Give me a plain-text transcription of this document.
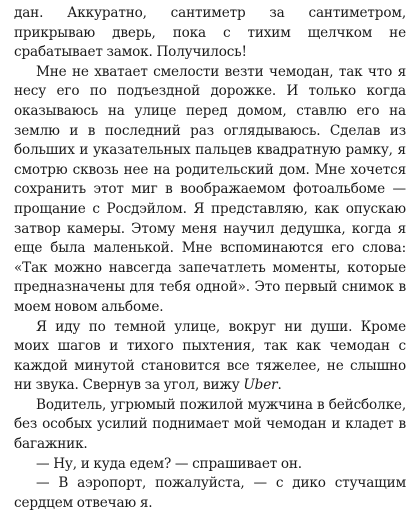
дан. Аккуратно, сантиметр за сантиметром, прикрываю дверь, пока с тихим щелчком не срабатывает замок. Получилось!

Мне не хватает смелости везти чемодан, так что я несу его по подъездной дорожке. И только когда оказываюсь на улице перед домом, ставлю его на землю и в последний раз оглядываюсь. Сделав из больших и указательных пальцев квадратную рамку, я смотрю сквозь нее на родительский дом. Мне хочется сохранить этот миг в воображаемом фотоальбоме — прощание с Росдэйлом. Я представляю, как опускаю затвор камеры. Этому меня научил дедушка, когда я еще была маленькой. Мне вспоминаются его слова: «Так можно навсегда запечатлеть моменты, которые предназначены для тебя одной». Это первый снимок в моем новом альбоме.

Я иду по темной улице, вокруг ни души. Кроме моих шагов и тихого пыхтения, так как чемодан с каждой минутой становится все тяжелее, не слышно ни звука. Свернув за угол, вижу Uber.

Водитель, угрюмый пожилой мужчина в бейсболке, без особых усилий поднимает мой чемодан и кладет в багажник.

— Ну, и куда едем? — спрашивает он.

— В аэропорт, пожалуйста, — с дико стучащим сердцем отвечаю я.
